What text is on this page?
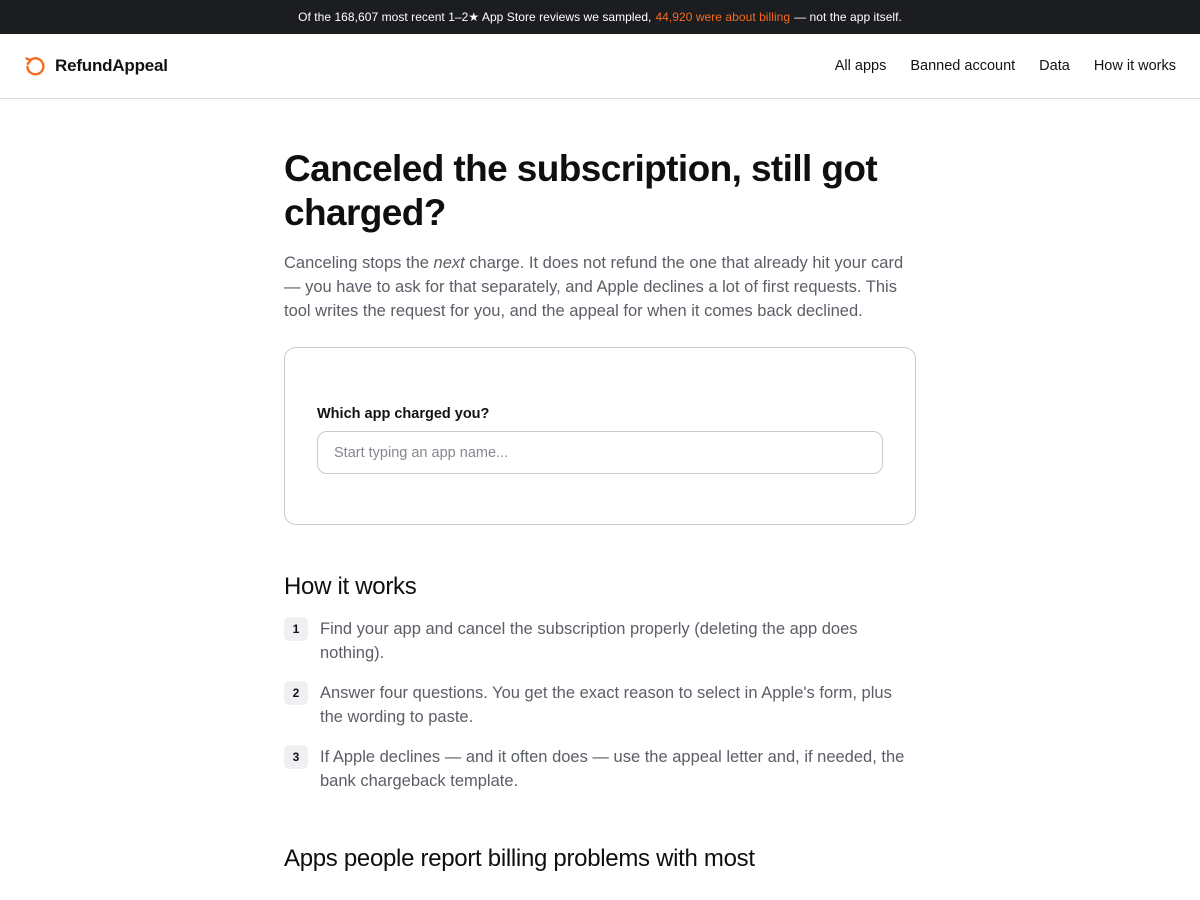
Of the 168,607 most recent 1–2★ App Store reviews we sampled, 44,920 were about billing — not the app itself.
RefundAppeal	All apps Banned account Data How it works
Canceled the subscription, still got charged?

Canceling stops the next charge. It does not refund the one that already hit your card — you have to ask for that separately, and Apple declines a lot of first requests. This tool writes the request for you, and the appeal for when it comes back declined.

Which app charged you?
Start typing an app name...
How it works
1	Find your app and cancel the subscription properly (deleting the app does nothing).
2	Answer four questions. You get the exact reason to select in Apple's form, plus the wording to paste.
3	If Apple declines — and it often does — use the appeal letter and, if needed, the bank chargeback template.
Apps people report billing problems with most
